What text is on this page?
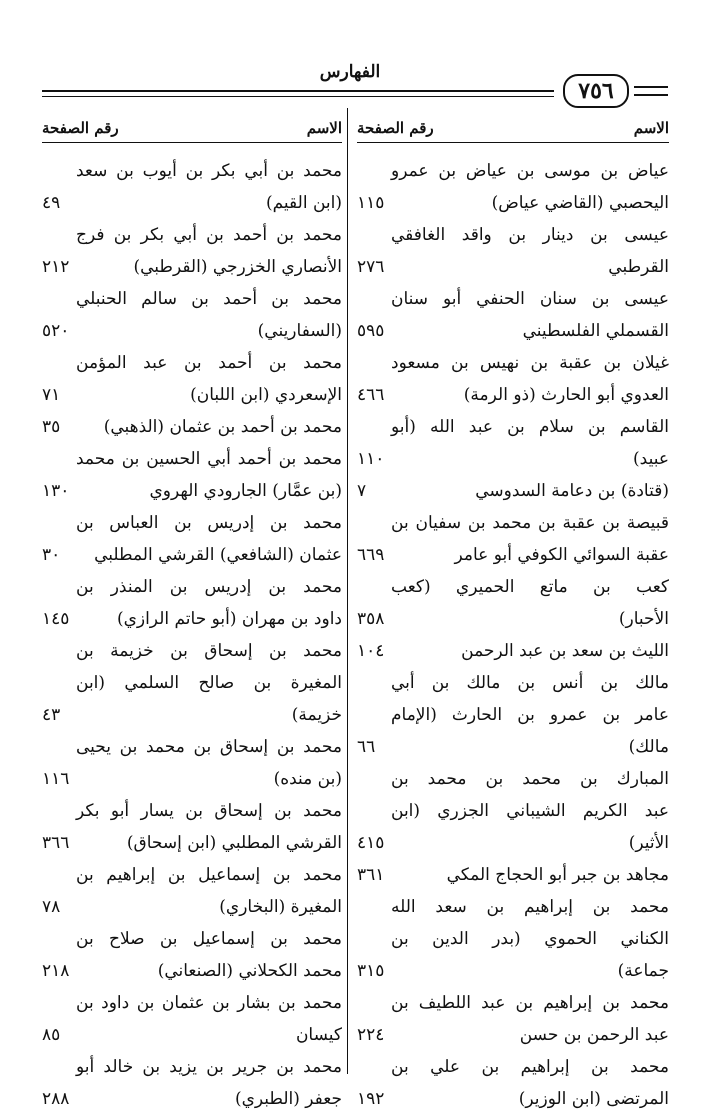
الفهارس
٧٥٦
الاسم
رقم الصفحة
عياض بن موسى بن عياض بن عمرو
اليحصبي (القاضي عياض)
١١٥
عيسى بن دينار بن واقد الغافقي
القرطبي
٢٧٦
عيسى بن سنان الحنفي أبو سنان
القسملي الفلسطيني
٥٩٥
غيلان بن عقبة بن نهيس بن مسعود
العدوي أبو الحارث (ذو الرمة)
٤٦٦
القاسم بن سلام بن عبد الله (أبو
عبيد)
١١٠
(قتادة) بن دعامة السدوسي
٧
قبيصة بن عقبة بن محمد بن سفيان بن
عقبة السوائي الكوفي أبو عامر
٦٦٩
كعب بن ماتع الحميري (كعب
الأحبار)
٣٥٨
الليث بن سعد بن عبد الرحمن
١٠٤
مالك بن أنس بن مالك بن أبي
عامر بن عمرو بن الحارث (الإمام
مالك)
٦٦
المبارك بن محمد بن محمد بن
عبد الكريم الشيباني الجزري (ابن
الأثير)
٤١٥
مجاهد بن جبر أبو الحجاج المكي
٣٦١
محمد بن إبراهيم بن سعد الله
الكناني الحموي (بدر الدين بن
جماعة)
٣١٥
محمد بن إبراهيم بن عبد اللطيف بن
عبد الرحمن بن حسن
٢٢٤
محمد بن إبراهيم بن علي بن
المرتضى (ابن الوزير)
١٩٢
الاسم
رقم الصفحة
محمد بن أبي بكر بن أيوب بن سعد
(ابن القيم)
٤٩
محمد بن أحمد بن أبي بكر بن فرج
الأنصاري الخزرجي (القرطبي)
٢١٢
محمد بن أحمد بن سالم الحنبلي
(السفاريني)
٥٢٠
محمد بن أحمد بن عبد المؤمن
الإسعردي (ابن اللبان)
٧١
محمد بن أحمد بن عثمان (الذهبي)
٣٥
محمد بن أحمد أبي الحسين بن محمد
(بن عمَّار) الجارودي الهروي
١٣٠
محمد بن إدريس بن العباس بن
عثمان (الشافعي) القرشي المطلبي
٣٠
محمد بن إدريس بن المنذر بن
داود بن مهران (أبو حاتم الرازي)
١٤٥
محمد بن إسحاق بن خزيمة بن
المغيرة بن صالح السلمي (ابن
خزيمة)
٤٣
محمد بن إسحاق بن محمد بن يحيى
(بن منده)
١١٦
محمد بن إسحاق بن يسار أبو بكر
القرشي المطلبي (ابن إسحاق)
٣٦٦
محمد بن إسماعيل بن إبراهيم بن
المغيرة (البخاري)
٧٨
محمد بن إسماعيل بن صلاح بن
محمد الكحلاني (الصنعاني)
٢١٨
محمد بن بشار بن عثمان بن داود بن
كيسان
٨٥
محمد بن جرير بن يزيد بن خالد أبو
جعفر (الطبري)
٢٨٨
